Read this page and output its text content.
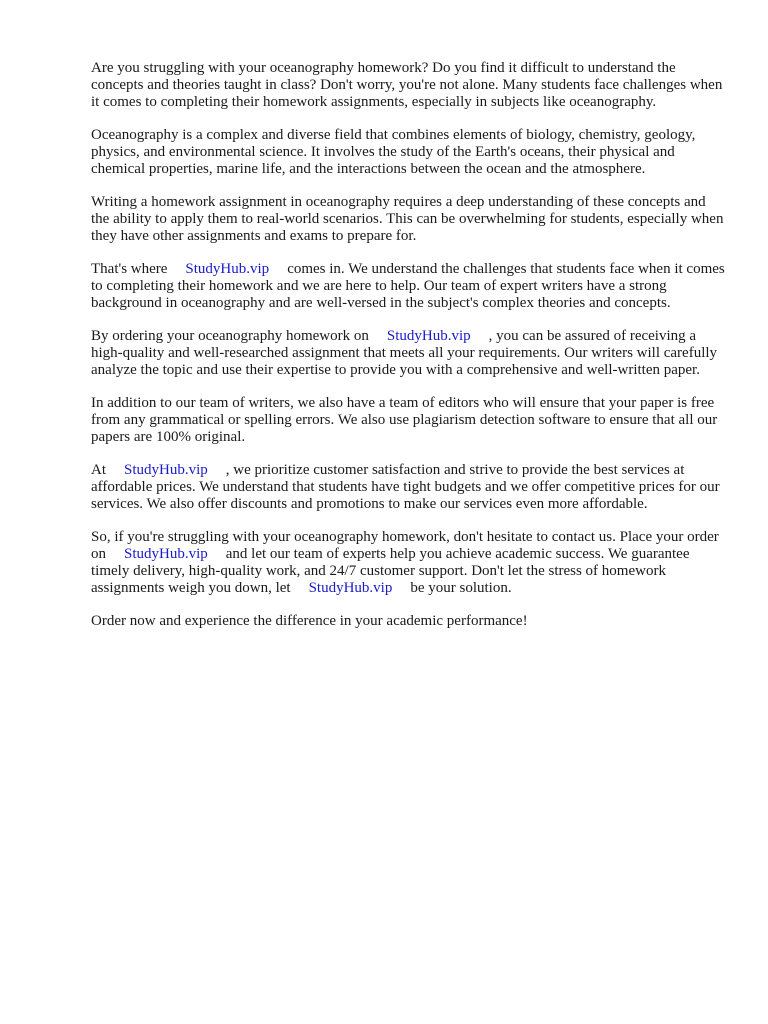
Are you struggling with your oceanography homework? Do you find it difficult to understand the concepts and theories taught in class? Don't worry, you're not alone. Many students face challenges when it comes to completing their homework assignments, especially in subjects like oceanography.

Oceanography is a complex and diverse field that combines elements of biology, chemistry, geology, physics, and environmental science. It involves the study of the Earth's oceans, their physical and chemical properties, marine life, and the interactions between the ocean and the atmosphere.

Writing a homework assignment in oceanography requires a deep understanding of these concepts and the ability to apply them to real-world scenarios. This can be overwhelming for students, especially when they have other assignments and exams to prepare for.

That's where StudyHub.vip comes in. We understand the challenges that students face when it comes to completing their homework and we are here to help. Our team of expert writers have a strong background in oceanography and are well-versed in the subject's complex theories and concepts.

By ordering your oceanography homework on StudyHub.vip , you can be assured of receiving a high-quality and well-researched assignment that meets all your requirements. Our writers will carefully analyze the topic and use their expertise to provide you with a comprehensive and well-written paper.

In addition to our team of writers, we also have a team of editors who will ensure that your paper is free from any grammatical or spelling errors. We also use plagiarism detection software to ensure that all our papers are 100% original.

At StudyHub.vip , we prioritize customer satisfaction and strive to provide the best services at affordable prices. We understand that students have tight budgets and we offer competitive prices for our services. We also offer discounts and promotions to make our services even more affordable.

So, if you're struggling with your oceanography homework, don't hesitate to contact us. Place your order on StudyHub.vip and let our team of experts help you achieve academic success. We guarantee timely delivery, high-quality work, and 24/7 customer support. Don't let the stress of homework assignments weigh you down, let StudyHub.vip be your solution.

Order now and experience the difference in your academic performance!
